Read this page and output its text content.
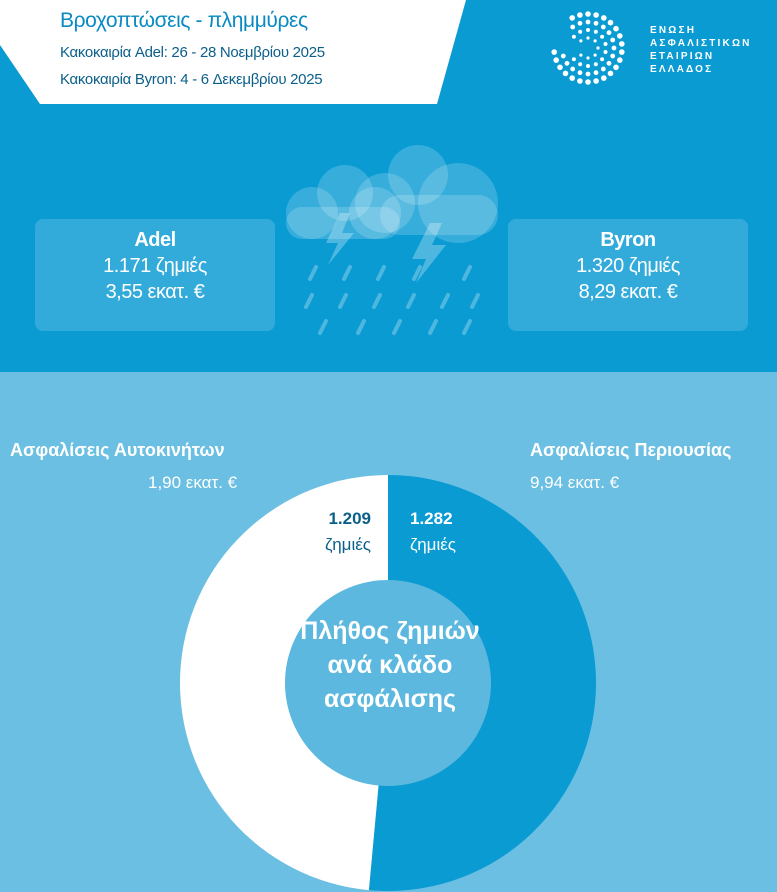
Βροχοπτώσεις - πλημμύρες
Κακοκαιρία Adel: 26 - 28 Νοεμβρίου 2025
Κακοκαιρία Byron: 4 - 6 Δεκεμβρίου 2025
ΕΝΩΣΗ
ΑΣΦΑΛΙΣΤΙΚΩΝ
ΕΤΑΙΡΙΩΝ
ΕΛΛΑΔΟΣ
Adel
1.171 ζημιές
3,55 εκατ. €
Byron
1.320 ζημιές
8,29 εκατ. €
Ασφαλίσεις Αυτοκινήτων
1,90 εκατ. €
Ασφαλίσεις Περιουσίας
9,94 εκατ. €
1.209
ζημιές
1.282
ζημιές
Πλήθος ζημιών ανά κλάδο ασφάλισης
